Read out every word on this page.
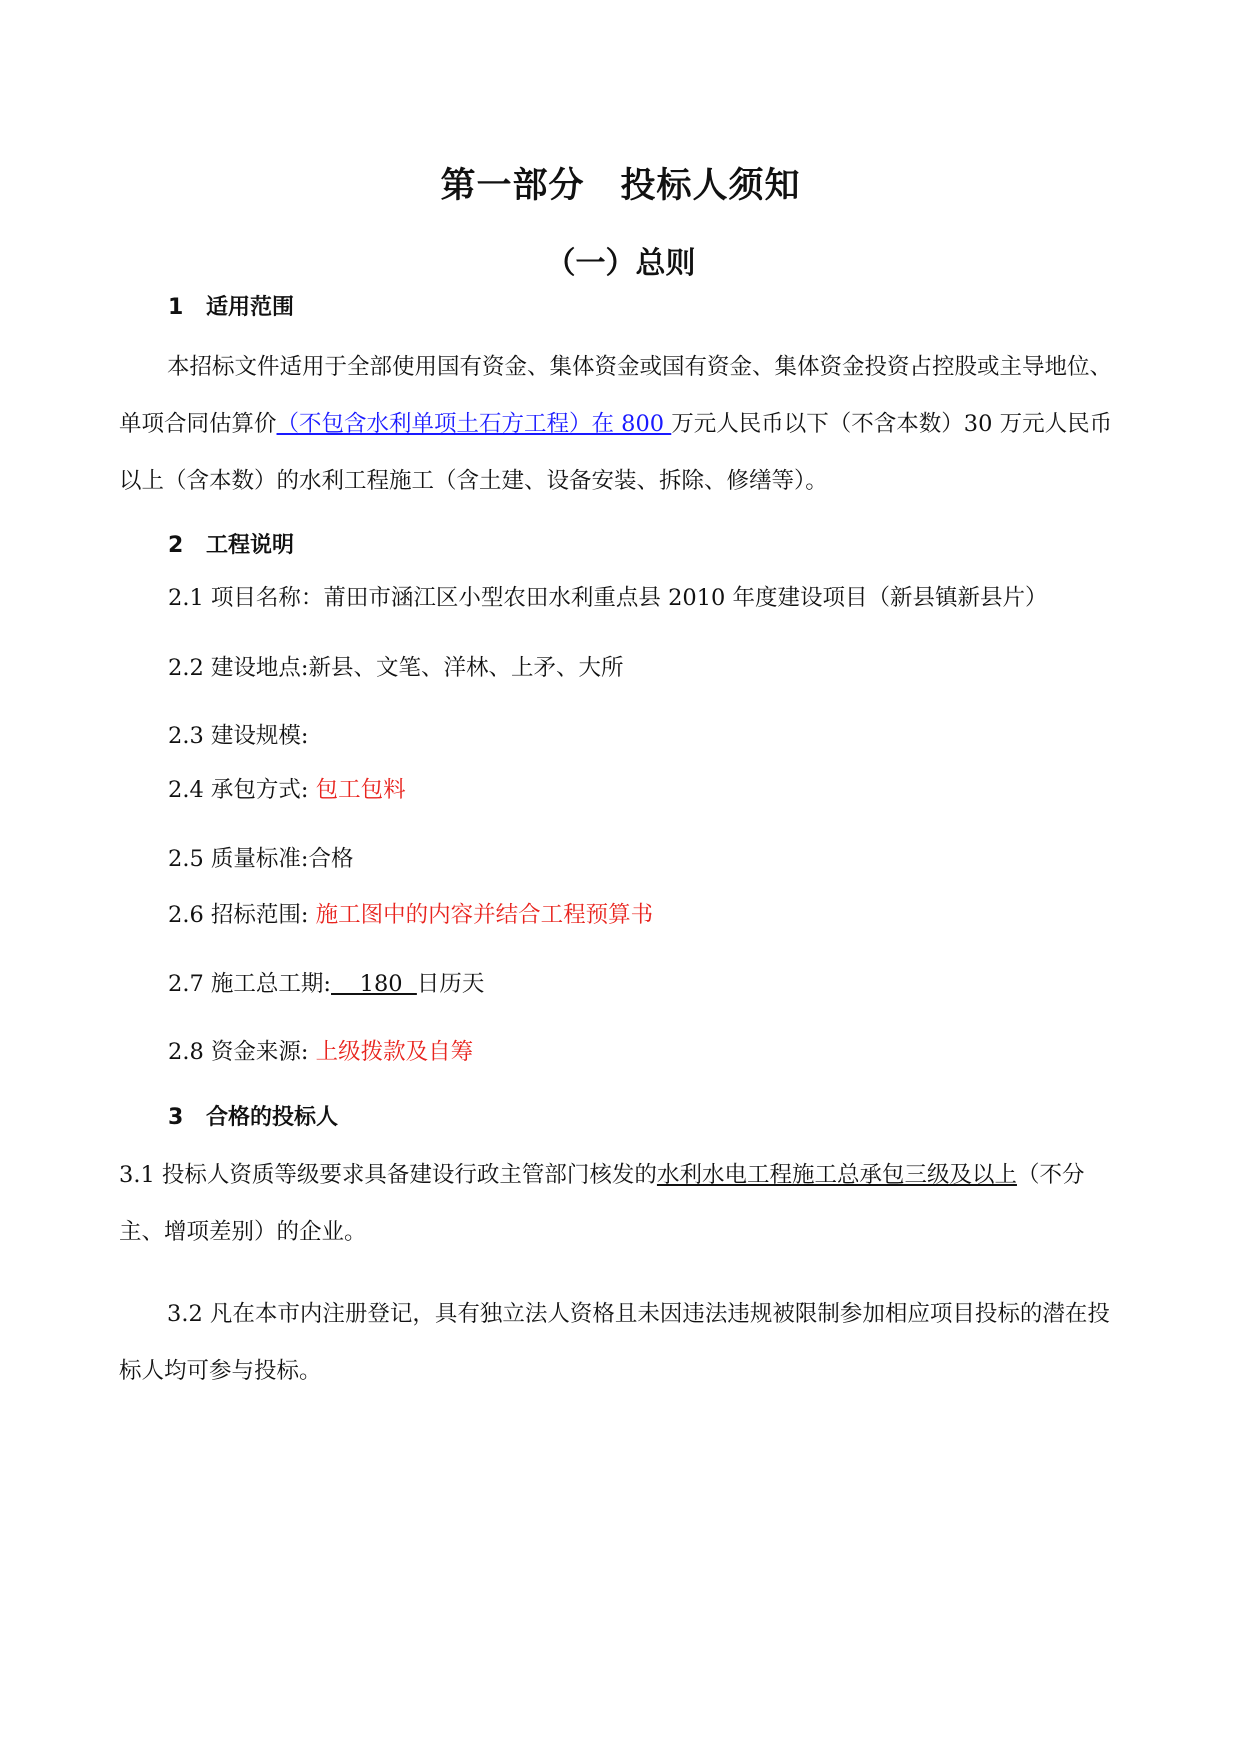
第一部分　投标人须知
（一）总则
1 适用范围

本招标文件适用于全部使用国有资金、集体资金或国有资金、集体资金投资占控股或主导地位、单项合同估算价（不包含水利单项土石方工程）在 800 万元人民币以下（不含本数）30 万元人民币以上（含本数）的水利工程施工（含土建、设备安装、拆除、修缮等）。

2 工程说明

2.1 项目名称：莆田市涵江区小型农田水利重点县 2010 年度建设项目（新县镇新县片）

2.2 建设地点:新县、文笔、洋林、上矛、大所

2.3 建设规模:

2.4 承包方式: 包工包料

2.5 质量标准:合格

2.6 招标范围: 施工图中的内容并结合工程预算书

2.7 施工总工期:    180  日历天

2.8 资金来源: 上级拨款及自筹

3 合格的投标人

3.1 投标人资质等级要求具备建设行政主管部门核发的水利水电工程施工总承包三级及以上（不分主、增项差别）的企业。

3.2 凡在本市内注册登记，具有独立法人资格且未因违法违规被限制参加相应项目投标的潜在投标人均可参与投标。
